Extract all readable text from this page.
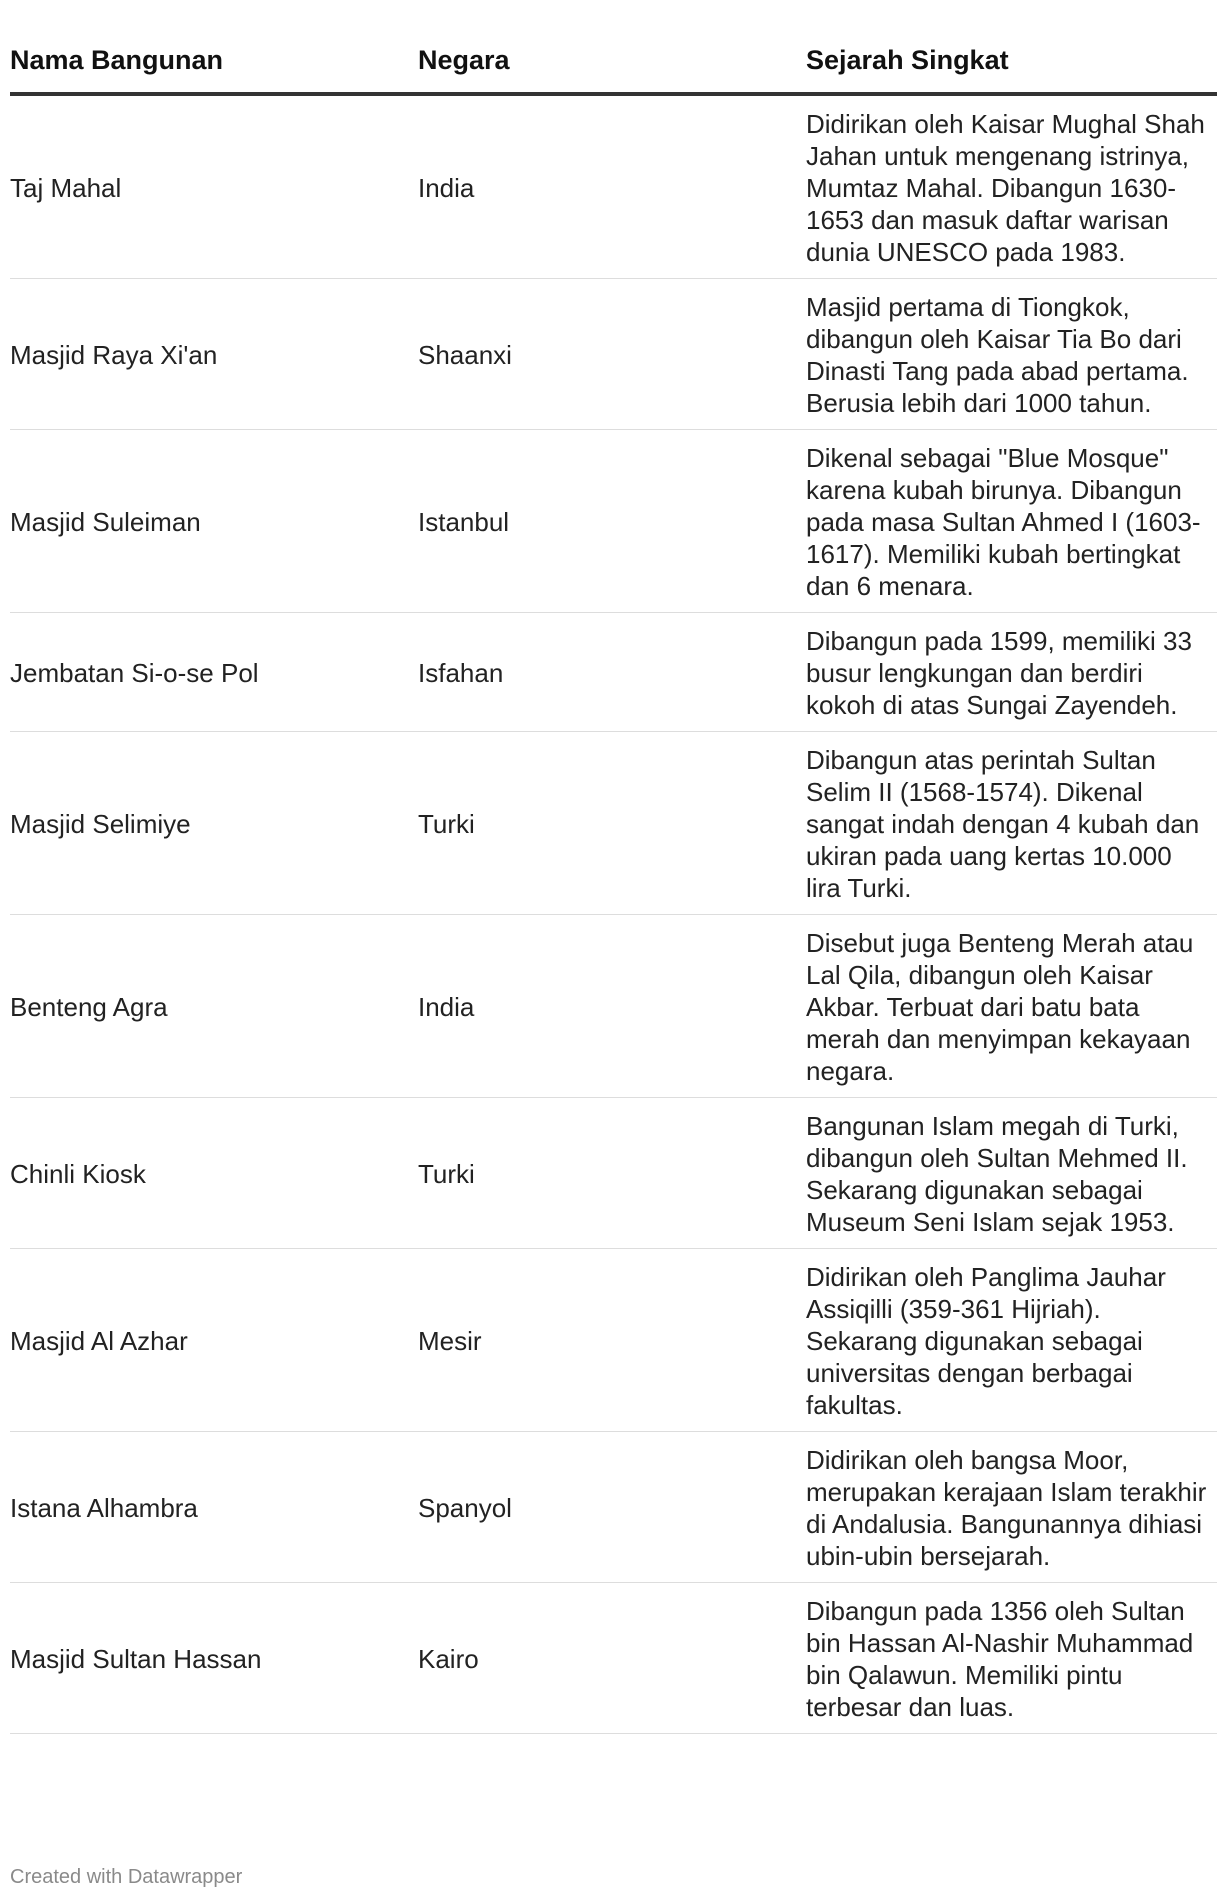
Nama Bangunan	Negara	Sejarah Singkat
Taj Mahal	India	Didirikan oleh Kaisar Mughal Shah Jahan untuk mengenang istrinya, Mumtaz Mahal. Dibangun 1630-1653 dan masuk daftar warisan dunia UNESCO pada 1983.
Masjid Raya Xi'an	Shaanxi	Masjid pertama di Tiongkok, dibangun oleh Kaisar Tia Bo dari Dinasti Tang pada abad pertama. Berusia lebih dari 1000 tahun.
Masjid Suleiman	Istanbul	Dikenal sebagai "Blue Mosque" karena kubah birunya. Dibangun pada masa Sultan Ahmed I (1603-1617). Memiliki kubah bertingkat dan 6 menara.
Jembatan Si-o-se Pol	Isfahan	Dibangun pada 1599, memiliki 33 busur lengkungan dan berdiri kokoh di atas Sungai Zayendeh.
Masjid Selimiye	Turki	Dibangun atas perintah Sultan Selim II (1568-1574). Dikenal sangat indah dengan 4 kubah dan ukiran pada uang kertas 10.000 lira Turki.
Benteng Agra	India	Disebut juga Benteng Merah atau Lal Qila, dibangun oleh Kaisar Akbar. Terbuat dari batu bata merah dan menyimpan kekayaan negara.
Chinli Kiosk	Turki	Bangunan Islam megah di Turki, dibangun oleh Sultan Mehmed II. Sekarang digunakan sebagai Museum Seni Islam sejak 1953.
Masjid Al Azhar	Mesir	Didirikan oleh Panglima Jauhar Assiqilli (359-361 Hijriah). Sekarang digunakan sebagai universitas dengan berbagai fakultas.
Istana Alhambra	Spanyol	Didirikan oleh bangsa Moor, merupakan kerajaan Islam terakhir di Andalusia. Bangunannya dihiasi ubin-ubin bersejarah.
Masjid Sultan Hassan	Kairo	Dibangun pada 1356 oleh Sultan bin Hassan Al-Nashir Muhammad bin Qalawun. Memiliki pintu terbesar dan luas.
Created with Datawrapper
